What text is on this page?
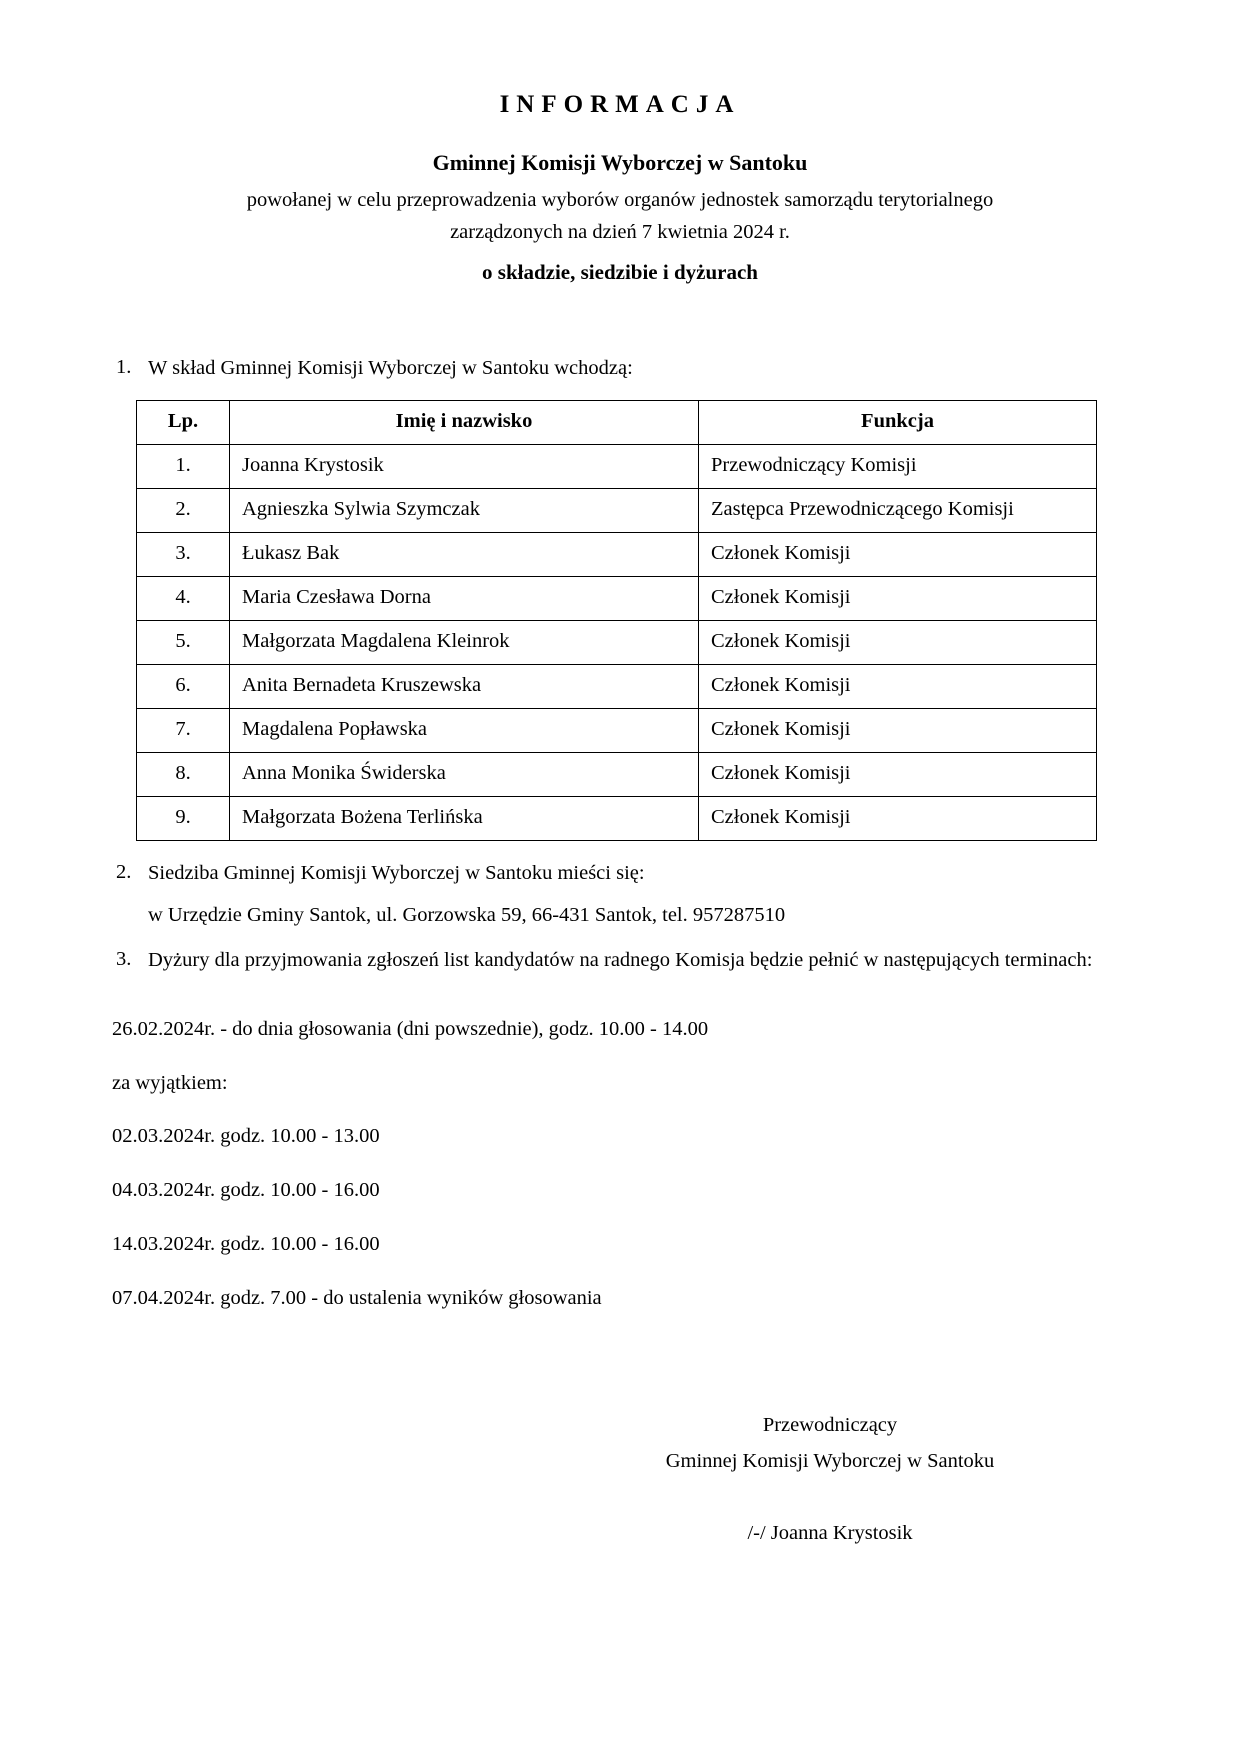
INFORMACJA
Gminnej Komisji Wyborczej w Santoku
powołanej w celu przeprowadzenia wyborów organów jednostek samorządu terytorialnego
zarządzonych na dzień 7 kwietnia 2024 r.
o składzie, siedzibie i dyżurach
1. W skład Gminnej Komisji Wyborczej w Santoku wchodzą:
Lp.	Imię i nazwisko	Funkcja
1.	Joanna Krystosik	Przewodniczący Komisji
2.	Agnieszka Sylwia Szymczak	Zastępca Przewodniczącego Komisji
3.	Łukasz Bak	Członek Komisji
4.	Maria Czesława Dorna	Członek Komisji
5.	Małgorzata Magdalena Kleinrok	Członek Komisji
6.	Anita Bernadeta Kruszewska	Członek Komisji
7.	Magdalena Popławska	Członek Komisji
8.	Anna Monika Świderska	Członek Komisji
9.	Małgorzata Bożena Terlińska	Członek Komisji
2. Siedziba Gminnej Komisji Wyborczej w Santoku mieści się:
w Urzędzie Gminy Santok, ul. Gorzowska 59, 66-431 Santok, tel. 957287510
3. Dyżury dla przyjmowania zgłoszeń list kandydatów na radnego Komisja będzie pełnić w następujących terminach:
26.02.2024r. - do dnia głosowania (dni powszednie), godz. 10.00 - 14.00
za wyjątkiem:
02.03.2024r. godz. 10.00 - 13.00
04.03.2024r. godz. 10.00 - 16.00
14.03.2024r. godz. 10.00 - 16.00
07.04.2024r. godz. 7.00 - do ustalenia wyników głosowania
Przewodniczący
Gminnej Komisji Wyborczej w Santoku
/-/ Joanna Krystosik
